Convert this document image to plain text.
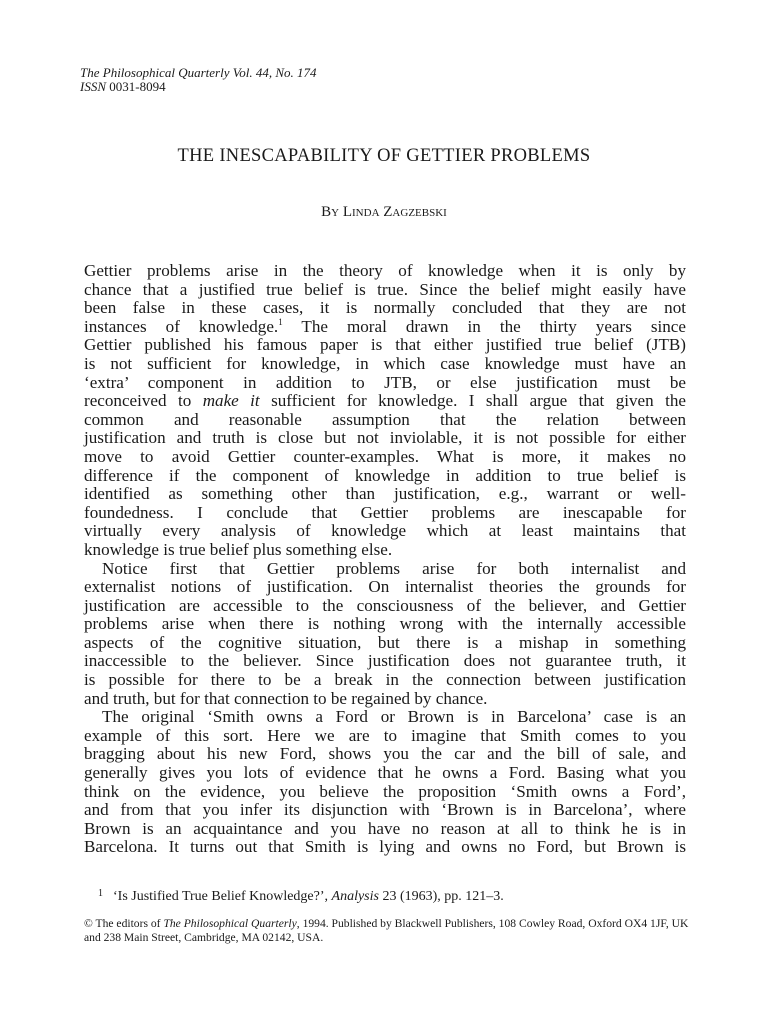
The Philosophical Quarterly Vol. 44, No. 174
ISSN 0031-8094
THE INESCAPABILITY OF GETTIER PROBLEMS
By Linda Zagzebski
Gettier problems arise in the theory of knowledge when it is only by
chance that a justified true belief is true. Since the belief might easily have
been false in these cases, it is normally concluded that they are not
instances of knowledge.$^1$ The moral drawn in the thirty years since
Gettier published his famous paper is that either justified true belief (JTB)
is not sufficient for knowledge, in which case knowledge must have an
‘extra’ component in addition to JTB, or else justification must be
reconceived to make it sufficient for knowledge. I shall argue that given the
common and reasonable assumption that the relation between
justification and truth is close but not inviolable, it is not possible for either
move to avoid Gettier counter-examples. What is more, it makes no
difference if the component of knowledge in addition to true belief is
identified as something other than justification, e.g., warrant or well-
foundedness. I conclude that Gettier problems are inescapable for
virtually every analysis of knowledge which at least maintains that
knowledge is true belief plus something else.
Notice first that Gettier problems arise for both internalist and
externalist notions of justification. On internalist theories the grounds for
justification are accessible to the consciousness of the believer, and Gettier
problems arise when there is nothing wrong with the internally accessible
aspects of the cognitive situation, but there is a mishap in something
inaccessible to the believer. Since justification does not guarantee truth, it
is possible for there to be a break in the connection between justification
and truth, but for that connection to be regained by chance.
The original ‘Smith owns a Ford or Brown is in Barcelona’ case is an
example of this sort. Here we are to imagine that Smith comes to you
bragging about his new Ford, shows you the car and the bill of sale, and
generally gives you lots of evidence that he owns a Ford. Basing what you
think on the evidence, you believe the proposition ‘Smith owns a Ford’,
and from that you infer its disjunction with ‘Brown is in Barcelona’, where
Brown is an acquaintance and you have no reason at all to think he is in
Barcelona. It turns out that Smith is lying and owns no Ford, but Brown is
$^1$ ‘Is Justified True Belief Knowledge?’, Analysis 23 (1963), pp. 121–3.
© The editors of The Philosophical Quarterly, 1994. Published by Blackwell Publishers, 108 Cowley Road, Oxford OX4 1JF, UK
and 238 Main Street, Cambridge, MA 02142, USA.
